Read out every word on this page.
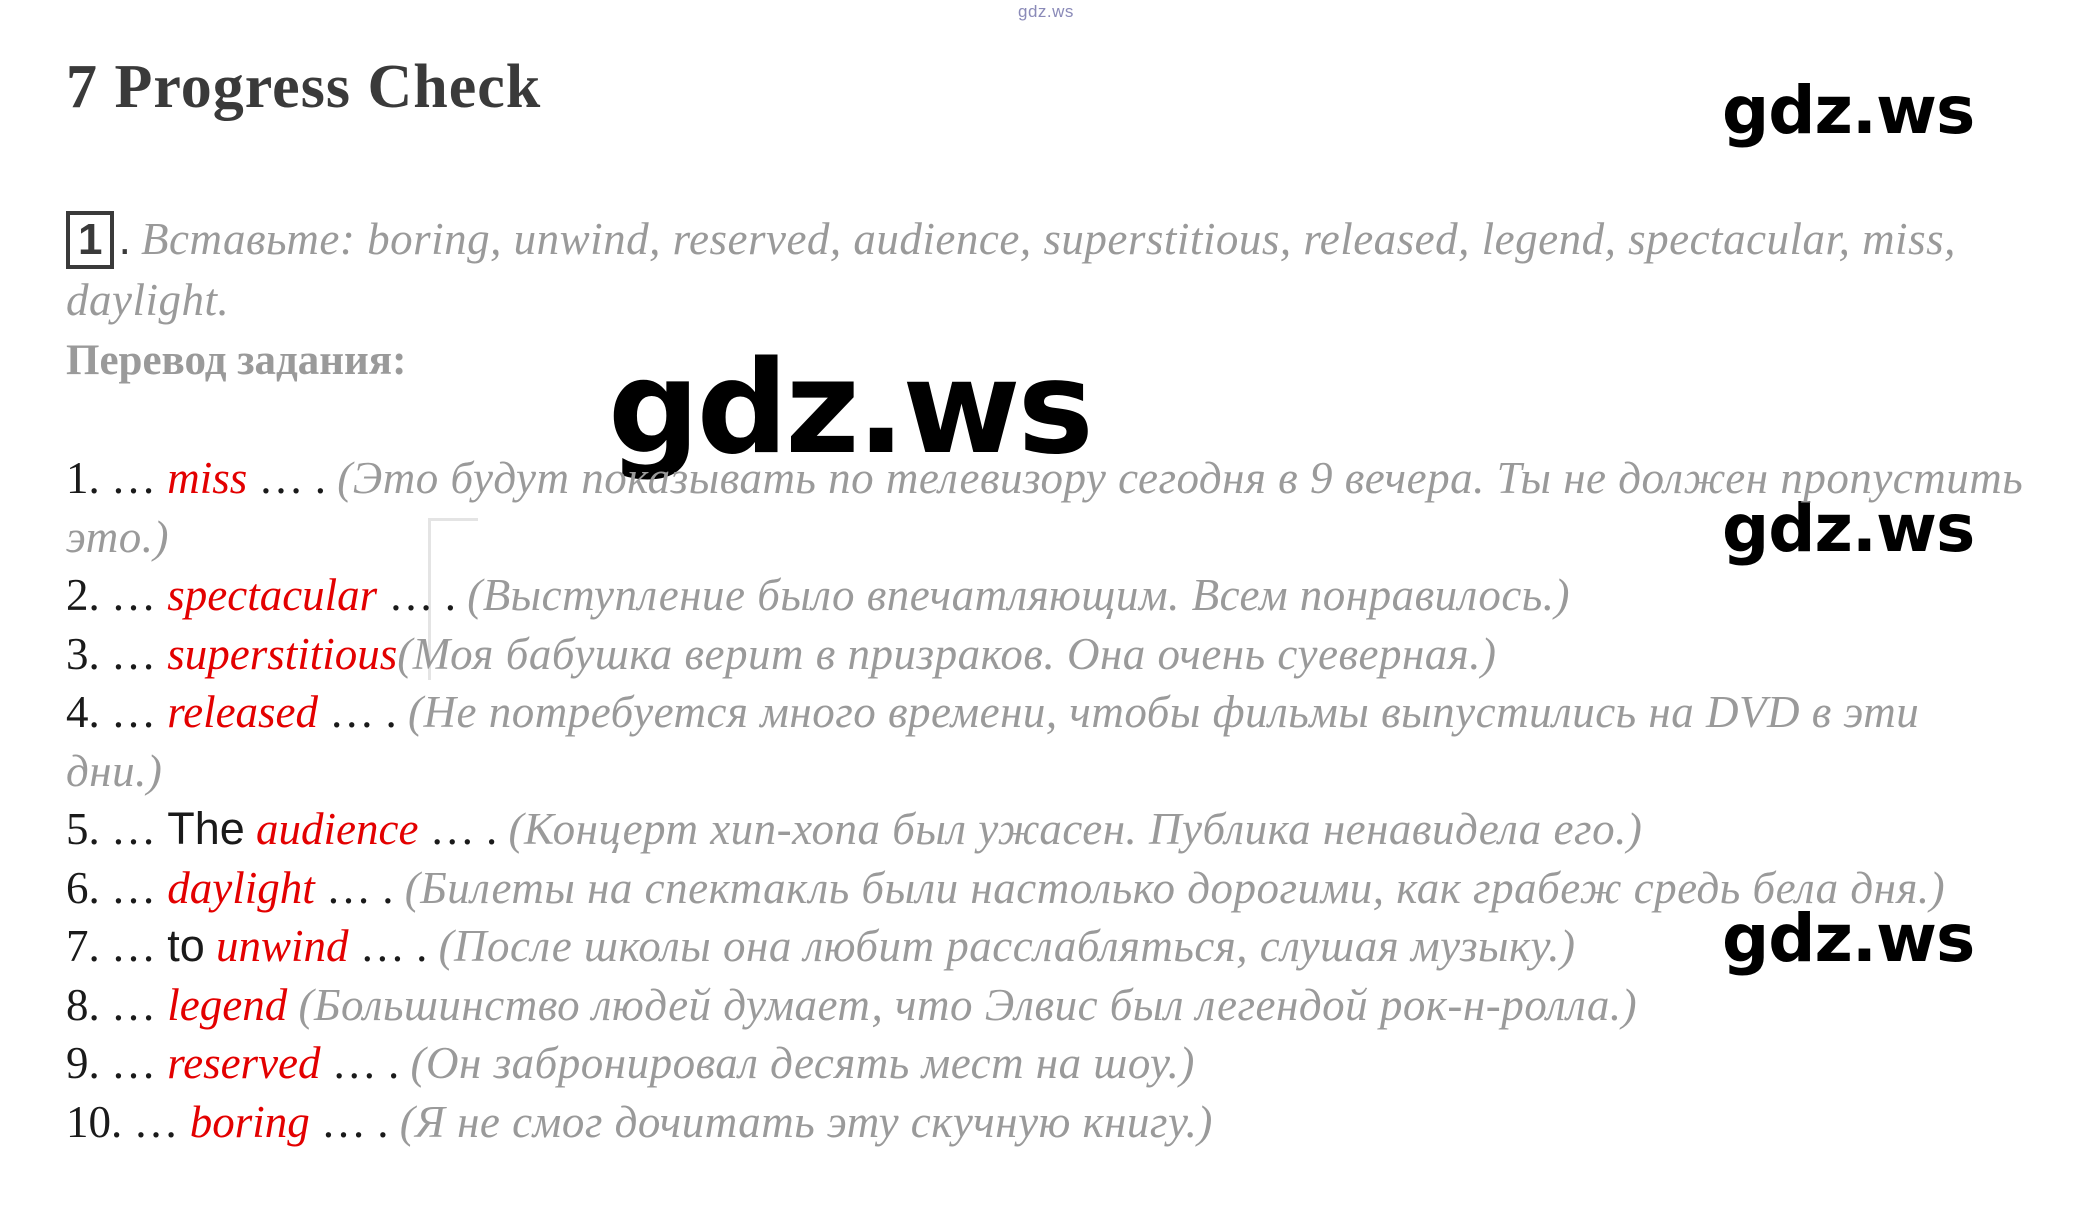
gdz.ws
7 Progress Check	gdz.ws
gdz.ws
gdz.ws
gdz.ws
1 . Вставьте: boring, unwind, reserved, audience, superstitious, released, legend, spectacular, miss, daylight.

Перевод задания:

1. … miss … . (Это будут показывать по телевизору сегодня в 9 вечера. Ты не должен пропустить это.)
2. … spectacular … . (Выступление было впечатляющим. Всем понравилось.)
3. … superstitious(Моя бабушка верит в призраков. Она очень суеверная.)
4. … released … . (Не потребуется много времени, чтобы фильмы выпустились на DVD в эти дни.)
5. … The audience … . (Концерт хип-хопа был ужасен. Публика ненавидела его.)
6. … daylight … . (Билеты на спектакль были настолько дорогими, как грабеж средь бела дня.)
7. … to unwind … . (После школы она любит расслабляться, слушая музыку.)
8. … legend (Большинство людей думает, что Элвис был легендой рок-н-ролла.)
9. … reserved … . (Он забронировал десять мест на шоу.)
10. … boring … . (Я не смог дочитать эту скучную книгу.)
